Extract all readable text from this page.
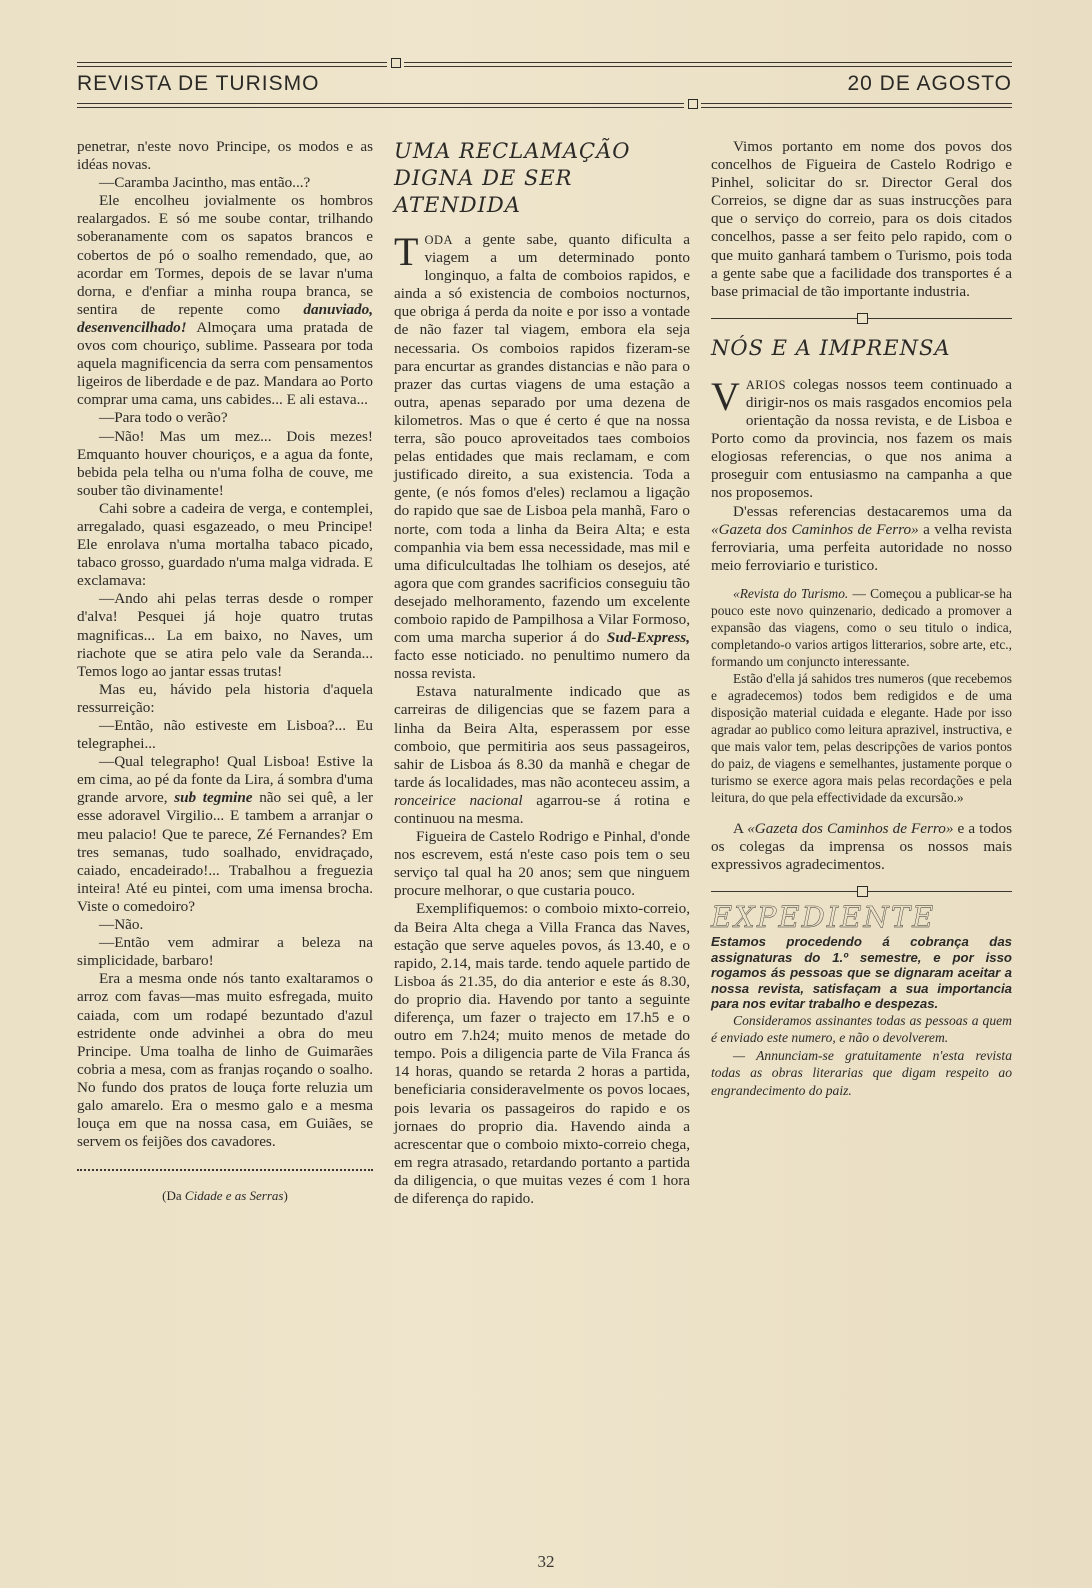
REVISTA DE TURISMO	20 DE AGOSTO

penetrar, n'este novo Principe, os modos e as idéas novas.

—Caramba Jacintho, mas então...?

Ele encolheu jovialmente os hombros realargados. E só me soube contar, trilhando soberanamente com os sapatos brancos e cobertos de pó o soalho remendado, que, ao acordar em Tormes, depois de se lavar n'uma dorna, e d'enfiar a minha roupa branca, se sentira de repente como danuviado, desenvencilhado! Almoçara uma pratada de ovos com chouriço, sublime. Passeara por toda aquela magnificencia da serra com pensamentos ligeiros de liberdade e de paz. Mandara ao Porto comprar uma cama, uns cabides... E ali estava...

—Para todo o verão?

—Não! Mas um mez... Dois mezes! Emquanto houver chouriços, e a agua da fonte, bebida pela telha ou n'uma folha de couve, me souber tão divinamente!

Cahi sobre a cadeira de verga, e contemplei, arregalado, quasi esgazeado, o meu Principe! Ele enrolava n'uma mortalha tabaco picado, tabaco grosso, guardado n'uma malga vidrada. E exclamava:

—Ando ahi pelas terras desde o romper d'alva! Pesquei já hoje quatro trutas magnificas... La em baixo, no Naves, um riachote que se atira pelo vale da Seranda... Temos logo ao jantar essas trutas!

Mas eu, hávido pela historia d'aquela ressurreição:

—Então, não estiveste em Lisboa?... Eu telegraphei...

—Qual telegrapho! Qual Lisboa! Estive la em cima, ao pé da fonte da Lira, á sombra d'uma grande arvore, sub tegmine não sei quê, a ler esse adoravel Virgilio... E tambem a arranjar o meu palacio! Que te parece, Zé Fernandes? Em tres semanas, tudo soalhado, envidraçado, caiado, encadeirado!... Trabalhou a freguezia inteira! Até eu pintei, com uma imensa brocha. Viste o comedoiro?

—Não.

—Então vem admirar a beleza na simplicidade, barbaro!

Era a mesma onde nós tanto exaltaramos o arroz com favas—mas muito esfregada, muito caiada, com um rodapé bezuntado d'azul estridente onde advinhei a obra do meu Principe. Uma toalha de linho de Guimarães cobria a mesa, com as franjas roçando o soalho. No fundo dos pratos de louça forte reluzia um galo amarelo. Era o mesmo galo e a mesma louça em que na nossa casa, em Guiães, se servem os feijões dos cavadores.

(Da Cidade e as Serras)
UMA RECLAMAÇÃO DIGNA DE SER ATENDIDA

TODA a gente sabe, quanto dificulta a viagem a um determinado ponto longinquo, a falta de comboios rapidos, e ainda a só existencia de comboios nocturnos, que obriga á perda da noite e por isso a vontade de não fazer tal viagem, embora ela seja necessaria. Os comboios rapidos fizeram-se para encurtar as grandes distancias e não para o prazer das curtas viagens de uma estação a outra, apenas separado por uma dezena de kilometros. Mas o que é certo é que na nossa terra, são pouco aproveitados taes comboios pelas entidades que mais reclamam, e com justificado direito, a sua existencia. Toda a gente, (e nós fomos d'eles) reclamou a ligação do rapido que sae de Lisboa pela manhã, Faro o norte, com toda a linha da Beira Alta; e esta companhia via bem essa necessidade, mas mil e uma dificulcultadas lhe tolhiam os desejos, até agora que com grandes sacrificios conseguiu tão desejado melhoramento, fazendo um excelente comboio rapido de Pampilhosa a Vilar Formoso, com uma marcha superior á do Sud-Express, facto esse noticiado. no penultimo numero da nossa revista.

Estava naturalmente indicado que as carreiras de diligencias que se fazem para a linha da Beira Alta, esperassem por esse comboio, que permitiria aos seus passageiros, sahir de Lisboa ás 8.30 da manhã e chegar de tarde ás localidades, mas não aconteceu assim, a ronceirice nacional agarrou-se á rotina e continuou na mesma.

Figueira de Castelo Rodrigo e Pinhal, d'onde nos escrevem, está n'este caso pois tem o seu serviço tal qual ha 20 anos; sem que ninguem procure melhorar, o que custaria pouco.

Exemplifiquemos: o comboio mixto-correio, da Beira Alta chega a Villa Franca das Naves, estação que serve aqueles povos, ás 13.40, e o rapido, 2.14, mais tarde. tendo aquele partido de Lisboa ás 21.35, do dia anterior e este ás 8.30, do proprio dia. Havendo por tanto a seguinte diferença, um fazer o trajecto em 17.h5 e o outro em 7.h24; muito menos de metade do tempo. Pois a diligencia parte de Vila Franca ás 14 horas, quando se retarda 2 horas a partida, beneficiaria consideravelmente os povos locaes, pois levaria os passageiros do rapido e os jornaes do proprio dia. Havendo ainda a acrescentar que o comboio mixto-correio chega, em regra atrasado, retardando portanto a partida da diligencia, o que muitas vezes é com 1 hora de diferença do rapido.

Vimos portanto em nome dos povos dos concelhos de Figueira de Castelo Rodrigo e Pinhel, solicitar do sr. Director Geral dos Correios, se digne dar as suas instrucções para que o serviço do correio, para os dois citados concelhos, passe a ser feito pelo rapido, com o que muito ganhará tambem o Turismo, pois toda a gente sabe que a facilidade dos transportes é a base primacial de tão importante industria.

NÓS E A IMPRENSA

VARIOS colegas nossos teem continuado a dirigir-nos os mais rasgados encomios pela orientação da nossa revista, e de Lisboa e Porto como da provincia, nos fazem os mais elogiosas referencias, o que nos anima a proseguir com entusiasmo na campanha a que nos proposemos.

D'essas referencias destacaremos uma da «Gazeta dos Caminhos de Ferro» a velha revista ferroviaria, uma perfeita autoridade no nosso meio ferroviario e turistico.

«Revista do Turismo. — Começou a publicar-se ha pouco este novo quinzenario, dedicado a promover a expansão das viagens, como o seu titulo o indica, completando-o varios artigos litterarios, sobre arte, etc., formando um conjuncto interessante.

Estão d'ella já sahidos tres numeros (que recebemos e agradecemos) todos bem redigidos e de uma disposição material cuidada e elegante. Hade por isso agradar ao publico como leitura aprazivel, instructiva, e que mais valor tem, pelas descripções de varios pontos do paiz, de viagens e semelhantes, justamente porque o turismo se exerce agora mais pelas recordações e pela leitura, do que pela effectividade da excursão.»

A «Gazeta dos Caminhos de Ferro» e a todos os colegas da imprensa os nossos mais expressivos agradecimentos.

EXPEDIENTE

Estamos procedendo á cobrança das assignaturas do 1.º semestre, e por isso rogamos ás pessoas que se dignaram aceitar a nossa revista, satisfaçam a sua importancia para nos evitar trabalho e despezas.

Consideramos assinantes todas as pessoas a quem é enviado este numero, e não o devolverem.

— Annunciam-se gratuitamente n'esta revista todas as obras literarias que digam respeito ao engrandecimento do paiz.

32
